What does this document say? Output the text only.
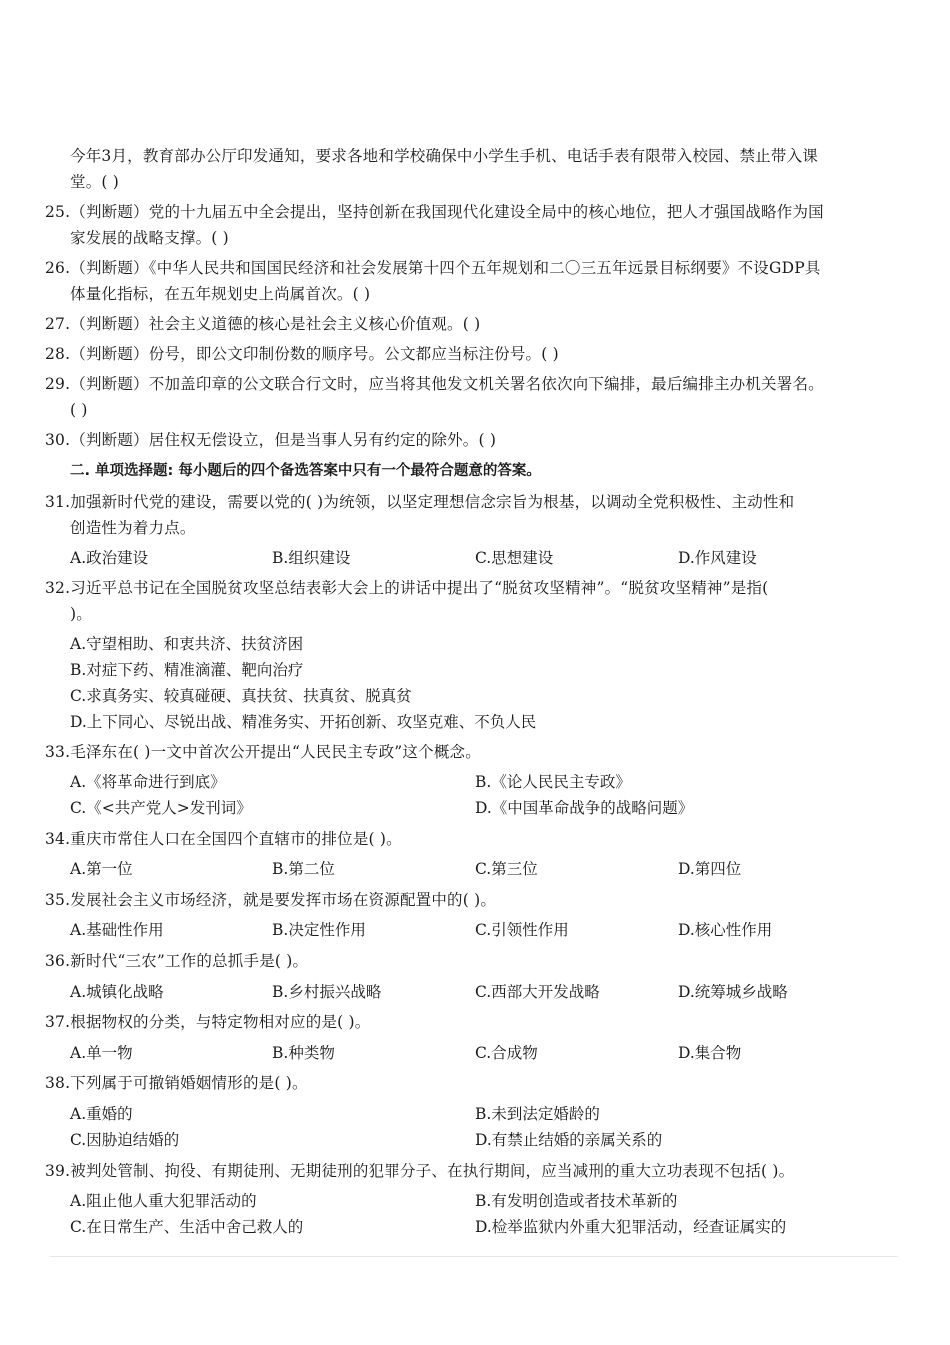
今年3月，教育部办公厅印发通知，要求各地和学校确保中小学生手机、电话手表有限带入校园、禁止带入课
堂。( )
25.（判断题）党的十九届五中全会提出，坚持创新在我国现代化建设全局中的核心地位，把人才强国战略作为国
家发展的战略支撑。( )
26.（判断题）《中华人民共和国国民经济和社会发展第十四个五年规划和二〇三五年远景目标纲要》不设GDP具
体量化指标，在五年规划史上尚属首次。( )
27.（判断题）社会主义道德的核心是社会主义核心价值观。( )
28.（判断题）份号，即公文印制份数的顺序号。公文都应当标注份号。( )
29.（判断题）不加盖印章的公文联合行文时，应当将其他发文机关署名依次向下编排，最后编排主办机关署名。
( )
30.（判断题）居住权无偿设立，但是当事人另有约定的除外。( )
二. 单项选择题: 每小题后的四个备选答案中只有一个最符合题意的答案。
31.加强新时代党的建设，需要以党的( )为统领，以坚定理想信念宗旨为根基，以调动全党积极性、主动性和
创造性为着力点。
A.政治建设	B.组织建设	C.思想建设	D.作风建设
32.习近平总书记在全国脱贫攻坚总结表彰大会上的讲话中提出了“脱贫攻坚精神”。“脱贫攻坚精神”是指(
)。
A.守望相助、和衷共济、扶贫济困
B.对症下药、精准滴灌、靶向治疗
C.求真务实、较真碰硬、真扶贫、扶真贫、脱真贫
D.上下同心、尽锐出战、精准务实、开拓创新、攻坚克难、不负人民
33.毛泽东在( )一文中首次公开提出“人民民主专政”这个概念。
A.《将革命进行到底》	B.《论人民民主专政》
C.《<共产党人>发刊词》	D.《中国革命战争的战略问题》
34.重庆市常住人口在全国四个直辖市的排位是( )。
A.第一位	B.第二位	C.第三位	D.第四位
35.发展社会主义市场经济，就是要发挥市场在资源配置中的( )。
A.基础性作用	B.决定性作用	C.引领性作用	D.核心性作用
36.新时代“三农”工作的总抓手是( )。
A.城镇化战略	B.乡村振兴战略	C.西部大开发战略	D.统筹城乡战略
37.根据物权的分类，与特定物相对应的是( )。
A.单一物	B.种类物	C.合成物	D.集合物
38.下列属于可撤销婚姻情形的是( )。
A.重婚的	B.未到法定婚龄的
C.因胁迫结婚的	D.有禁止结婚的亲属关系的
39.被判处管制、拘役、有期徒刑、无期徒刑的犯罪分子、在执行期间，应当减刑的重大立功表现不包括( )。
A.阻止他人重大犯罪活动的	B.有发明创造或者技术革新的
C.在日常生产、生活中舍己救人的	D.检举监狱内外重大犯罪活动，经查证属实的
